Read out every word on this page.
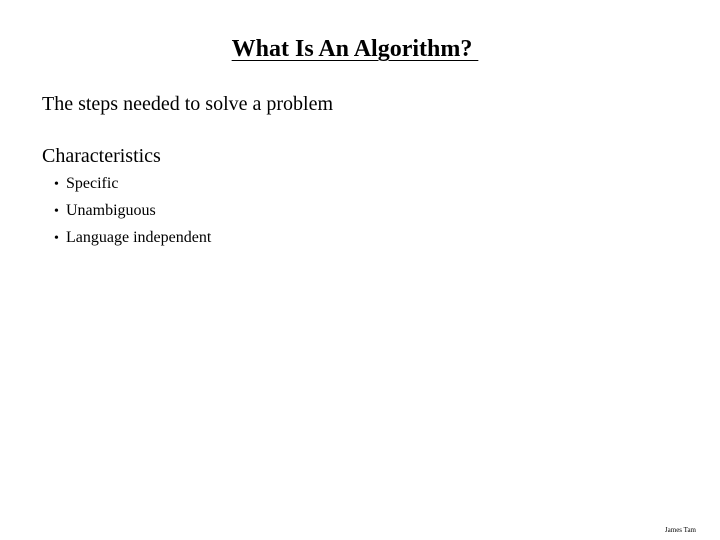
What Is An Algorithm?

The steps needed to solve a problem

Characteristics

• Specific
• Unambiguous
• Language independent
James Tam
